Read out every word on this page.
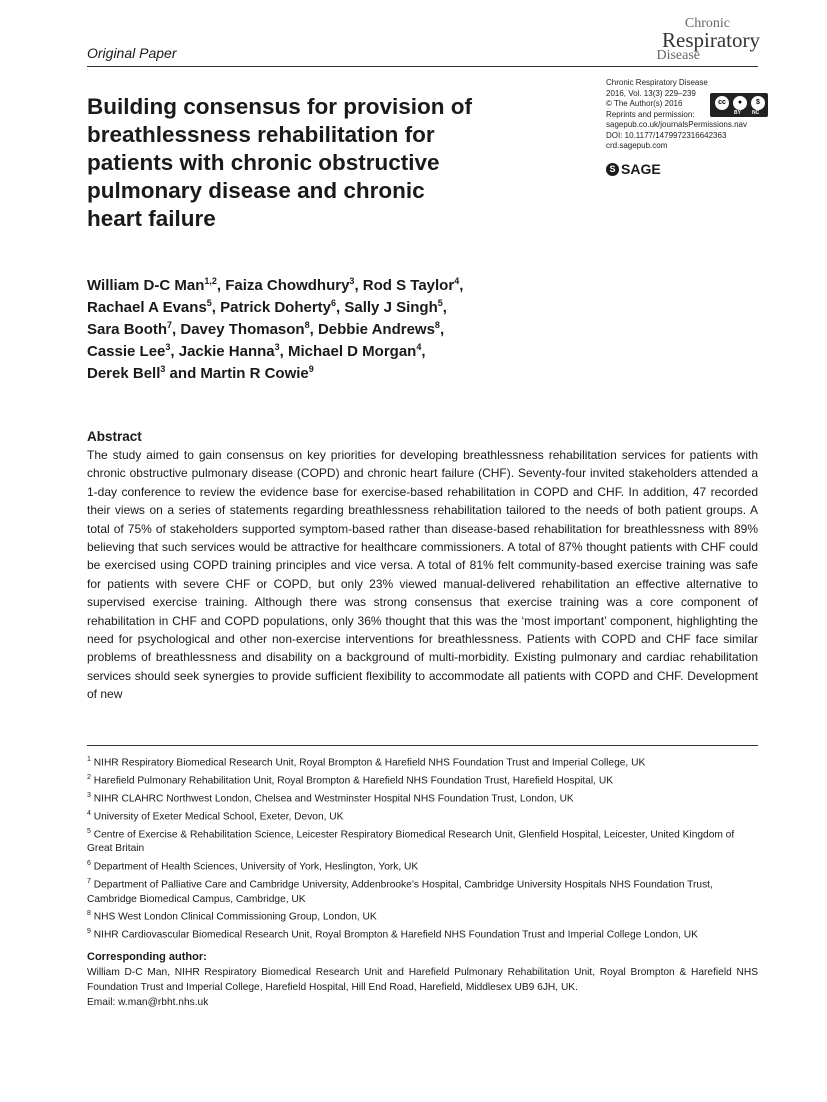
Original Paper
Chronic
Respiratory
Disease
Chronic Respiratory Disease
2016, Vol. 13(3) 229–239
© The Author(s) 2016
Reprints and permission:
sagepub.co.uk/journalsPermissions.nav
DOI: 10.1177/1479972316642363
crd.sagepub.com
cc	●	$
BY NC
S SAGE
Building consensus for provision of
breathlessness rehabilitation for
patients with chronic obstructive
pulmonary disease and chronic
heart failure
William D-C Man$^{1,2}$, Faiza Chowdhury$^3$, Rod S Taylor$^4$,
Rachael A Evans$^5$, Patrick Doherty$^6$, Sally J Singh$^5$,
Sara Booth$^7$, Davey Thomason$^8$, Debbie Andrews$^8$,
Cassie Lee$^3$, Jackie Hanna$^3$, Michael D Morgan$^4$,
Derek Bell$^3$ and Martin R Cowie$^9$
Abstract
The study aimed to gain consensus on key priorities for developing breathlessness rehabilitation services for patients with chronic obstructive pulmonary disease (COPD) and chronic heart failure (CHF). Seventy-four invited stakeholders attended a 1-day conference to review the evidence base for exercise-based rehabilitation in COPD and CHF. In addition, 47 recorded their views on a series of statements regarding breathlessness rehabilitation tailored to the needs of both patient groups. A total of 75% of stakeholders supported symptom-based rather than disease-based rehabilitation for breathlessness with 89% believing that such services would be attractive for healthcare commissioners. A total of 87% thought patients with CHF could be exercised using COPD training principles and vice versa. A total of 81% felt community-based exercise training was safe for patients with severe CHF or COPD, but only 23% viewed manual-delivered rehabilitation an effective alternative to supervised exercise training. Although there was strong consensus that exercise training was a core component of rehabilitation in CHF and COPD populations, only 36% thought that this was the ‘most important’ component, highlighting the need for psychological and other non-exercise interventions for breathlessness. Patients with COPD and CHF face similar problems of breathlessness and disability on a background of multi-morbidity. Existing pulmonary and cardiac rehabilitation services should seek synergies to provide sufficient flexibility to accommodate all patients with COPD and CHF. Development of new
$^1$ NIHR Respiratory Biomedical Research Unit, Royal Brompton & Harefield NHS Foundation Trust and Imperial College, UK
$^2$ Harefield Pulmonary Rehabilitation Unit, Royal Brompton & Harefield NHS Foundation Trust, Harefield Hospital, UK
$^3$ NIHR CLAHRC Northwest London, Chelsea and Westminster Hospital NHS Foundation Trust, London, UK
$^4$ University of Exeter Medical School, Exeter, Devon, UK
$^5$ Centre of Exercise & Rehabilitation Science, Leicester Respiratory Biomedical Research Unit, Glenfield Hospital, Leicester, United Kingdom of Great Britain
$^6$ Department of Health Sciences, University of York, Heslington, York, UK
$^7$ Department of Palliative Care and Cambridge University, Addenbrooke’s Hospital, Cambridge University Hospitals NHS Foundation Trust, Cambridge Biomedical Campus, Cambridge, UK
$^8$ NHS West London Clinical Commissioning Group, London, UK
$^9$ NIHR Cardiovascular Biomedical Research Unit, Royal Brompton & Harefield NHS Foundation Trust and Imperial College London, UK
Corresponding author:
William D-C Man, NIHR Respiratory Biomedical Research Unit and Harefield Pulmonary Rehabilitation Unit, Royal Brompton & Harefield NHS Foundation Trust and Imperial College, Harefield Hospital, Hill End Road, Harefield, Middlesex UB9 6JH, UK.
Email: w.man@rbht.nhs.uk
